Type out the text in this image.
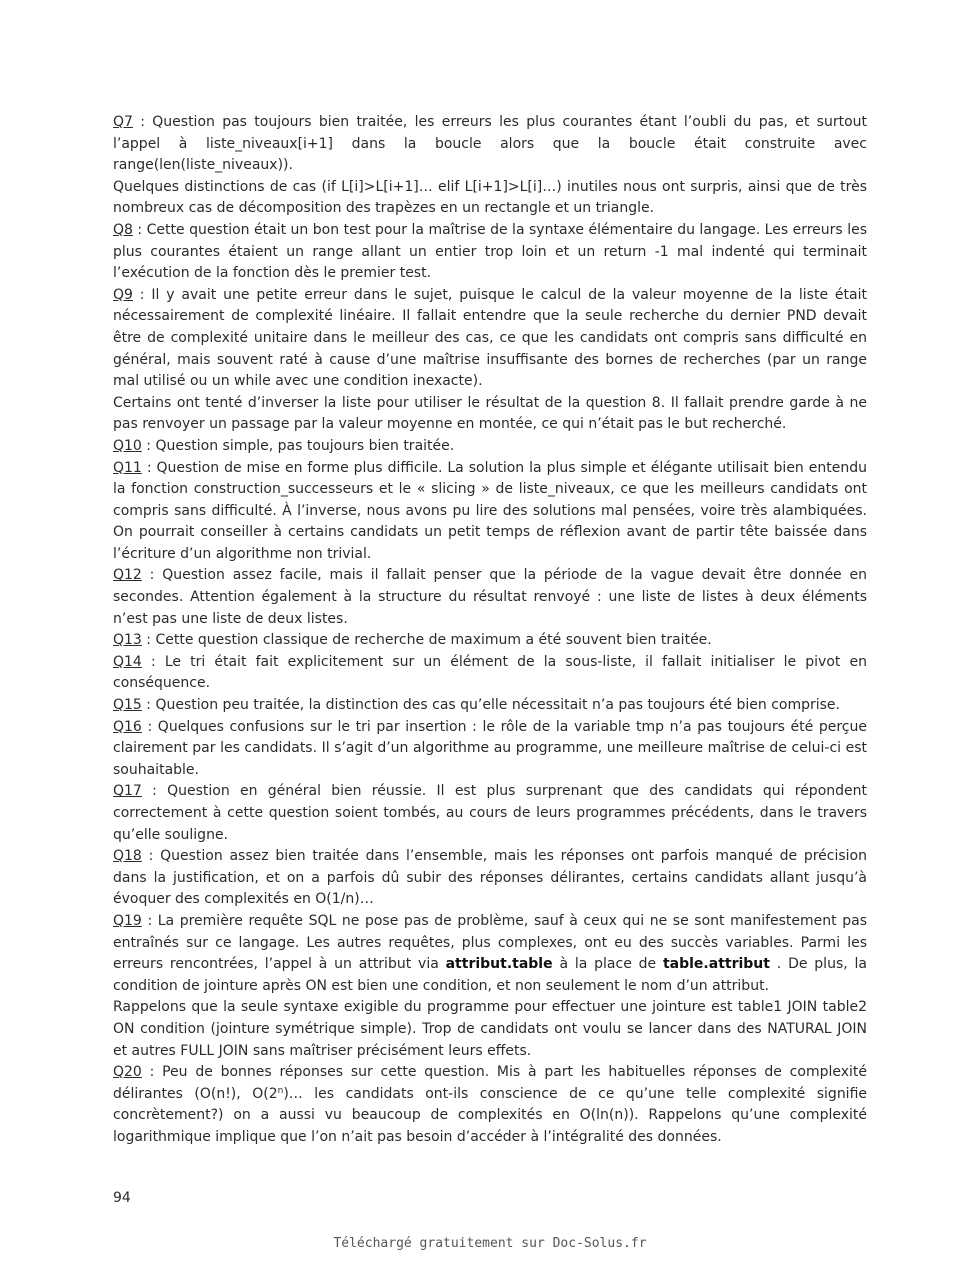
Q7 : Question pas toujours bien traitée, les erreurs les plus courantes étant l’oubli du pas, et surtout l’appel à liste_niveaux[i+1] dans la boucle alors que la boucle était construite avec range(len(liste_niveaux)).

Quelques distinctions de cas (if L[i]>L[i+1]… elif L[i+1]>L[i]…) inutiles nous ont surpris, ainsi que de très nombreux cas de décomposition des trapèzes en un rectangle et un triangle.

Q8 : Cette question était un bon test pour la maîtrise de la syntaxe élémentaire du langage. Les erreurs les plus courantes étaient un range allant un entier trop loin et un return -1 mal indenté qui terminait l’exécution de la fonction dès le premier test.

Q9 : Il y avait une petite erreur dans le sujet, puisque le calcul de la valeur moyenne de la liste était nécessairement de complexité linéaire. Il fallait entendre que la seule recherche du dernier PND devait être de complexité unitaire dans le meilleur des cas, ce que les candidats ont compris sans difficulté en général, mais souvent raté à cause d’une maîtrise insuffisante des bornes de recherches (par un range mal utilisé ou un while avec une condition inexacte).

Certains ont tenté d’inverser la liste pour utiliser le résultat de la question 8. Il fallait prendre garde à ne pas renvoyer un passage par la valeur moyenne en montée, ce qui n’était pas le but recherché.

Q10 : Question simple, pas toujours bien traitée.

Q11 : Question de mise en forme plus difficile. La solution la plus simple et élégante utilisait bien entendu la fonction construction_successeurs et le « slicing » de liste_niveaux, ce que les meilleurs candidats ont compris sans difficulté. À l’inverse, nous avons pu lire des solutions mal pensées, voire très alambiquées. On pourrait conseiller à certains candidats un petit temps de réflexion avant de partir tête baissée dans l’écriture d’un algorithme non trivial.

Q12 : Question assez facile, mais il fallait penser que la période de la vague devait être donnée en secondes. Attention également à la structure du résultat renvoyé : une liste de listes à deux éléments n’est pas une liste de deux listes.

Q13 : Cette question classique de recherche de maximum a été souvent bien traitée.

Q14 : Le tri était fait explicitement sur un élément de la sous-liste, il fallait initialiser le pivot en conséquence.

Q15 : Question peu traitée, la distinction des cas qu’elle nécessitait n’a pas toujours été bien comprise.

Q16 : Quelques confusions sur le tri par insertion : le rôle de la variable tmp n’a pas toujours été perçue clairement par les candidats. Il s’agit d’un algorithme au programme, une meilleure maîtrise de celui-ci est souhaitable.

Q17 : Question en général bien réussie. Il est plus surprenant que des candidats qui répondent correctement à cette question soient tombés, au cours de leurs programmes précédents, dans le travers qu’elle souligne.

Q18 : Question assez bien traitée dans l’ensemble, mais les réponses ont parfois manqué de précision dans la justification, et on a parfois dû subir des réponses délirantes, certains candidats allant jusqu’à évoquer des complexités en O(1/n)…

Q19 : La première requête SQL ne pose pas de problème, sauf à ceux qui ne se sont manifestement pas entraînés sur ce langage. Les autres requêtes, plus complexes, ont eu des succès variables. Parmi les erreurs rencontrées, l’appel à un attribut via attribut.table à la place de table.attribut . De plus, la condition de jointure après ON est bien une condition, et non seulement le nom d’un attribut.

Rappelons que la seule syntaxe exigible du programme pour effectuer une jointure est table1 JOIN table2 ON condition (jointure symétrique simple). Trop de candidats ont voulu se lancer dans des NATURAL JOIN et autres FULL JOIN sans maîtriser précisément leurs effets.

Q20 : Peu de bonnes réponses sur cette question. Mis à part les habituelles réponses de complexité délirantes (O(n!), O(2$^n$)… les candidats ont-ils conscience de ce qu’une telle complexité signifie concrètement?) on a aussi vu beaucoup de complexités en O(ln(n)). Rappelons qu’une complexité logarithmique implique que l’on n’ait pas besoin d’accéder à l’intégralité des données.

94
Téléchargé gratuitement sur Doc-Solus.fr
